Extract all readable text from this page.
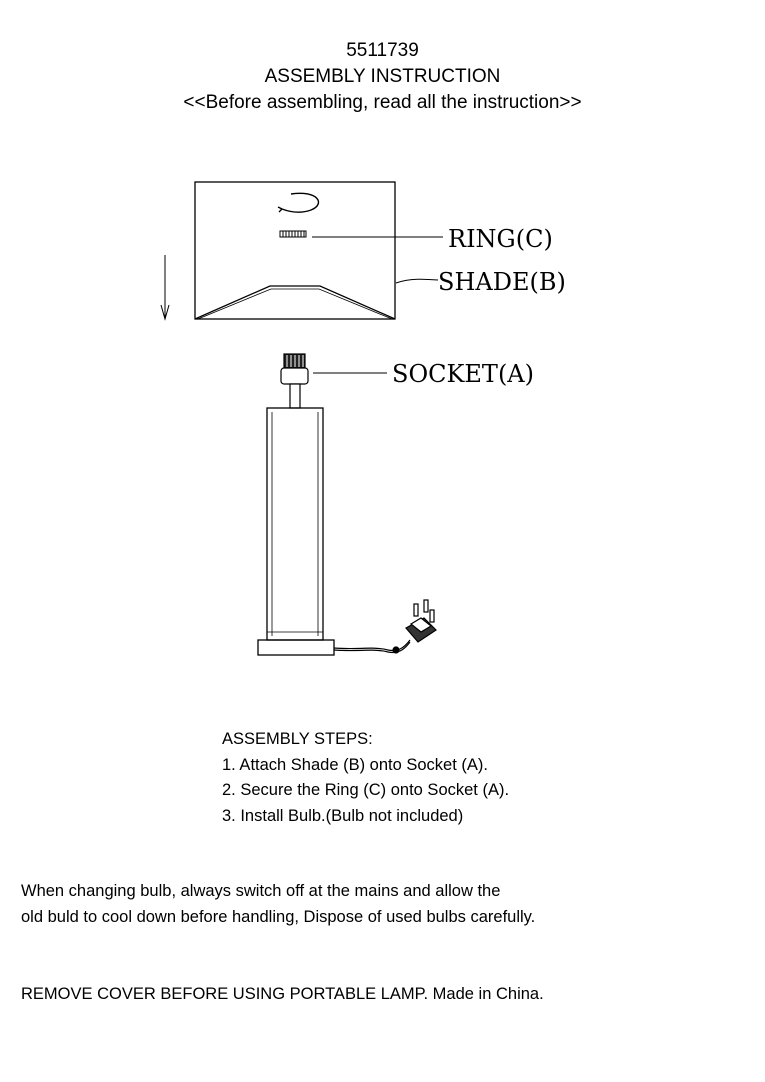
5511739
ASSEMBLY INSTRUCTION
<<Before assembling, read all the instruction>>
RING(C)
SHADE(B)
SOCKET(A)
ASSEMBLY STEPS:
1. Attach Shade (B) onto Socket (A).
2. Secure the Ring (C) onto Socket (A).
3. Install Bulb.(Bulb not included)
When changing bulb, always switch off at the mains and allow the
old buld to cool down before handling, Dispose of used bulbs carefully.
REMOVE COVER BEFORE USING PORTABLE LAMP. Made in China.
